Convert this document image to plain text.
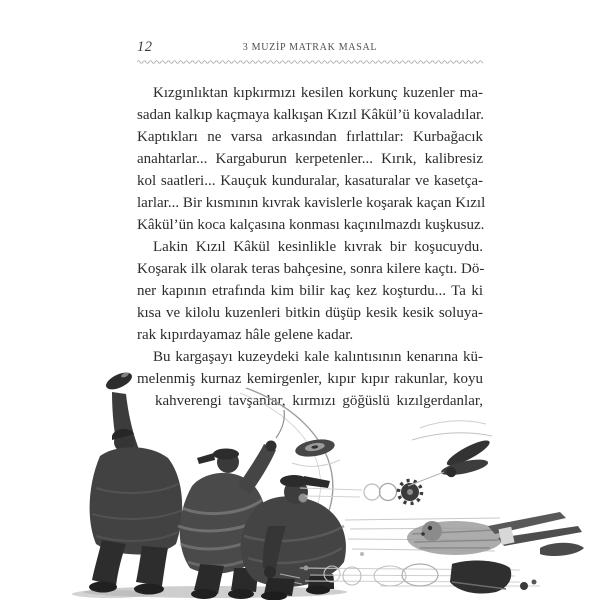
12	3 MUZİP MATRAK MASAL
Kızgınlıktan kıpkırmızı kesilen korkunç kuzenler ma-
sadan kalkıp kaçmaya kalkışan Kızıl Kâkül’ü kovaladılar.
Kaptıkları ne varsa arkasından fırlattılar: Kurbağacık
anahtarlar... Kargaburun kerpetenler... Kırık, kalibresiz
kol saatleri... Kauçuk kunduralar, kasaturalar ve kasetça-
larlar... Bir kısmının kıvrak kavislerle koşarak kaçan Kızıl
Kâkül’ün koca kalçasına konması kaçınılmazdı kuşkusuz.
Lakin Kızıl Kâkül kesinlikle kıvrak bir koşucuydu.
Koşarak ilk olarak teras bahçesine, sonra kilere kaçtı. Dö-
ner kapının etrafında kim bilir kaç kez koşturdu... Ta ki
kısa ve kilolu kuzenleri bitkin düşüp kesik kesik soluya-
rak kıpırdayamaz hâle gelene kadar.
Bu kargaşayı kuzeydeki kale kalıntısının kenarına kü-
melenmiş kurnaz kemirgenler, kıpır kıpır rakunlar, koyu
kahverengi tavşanlar, kırmızı göğüslü kızılgerdanlar,
